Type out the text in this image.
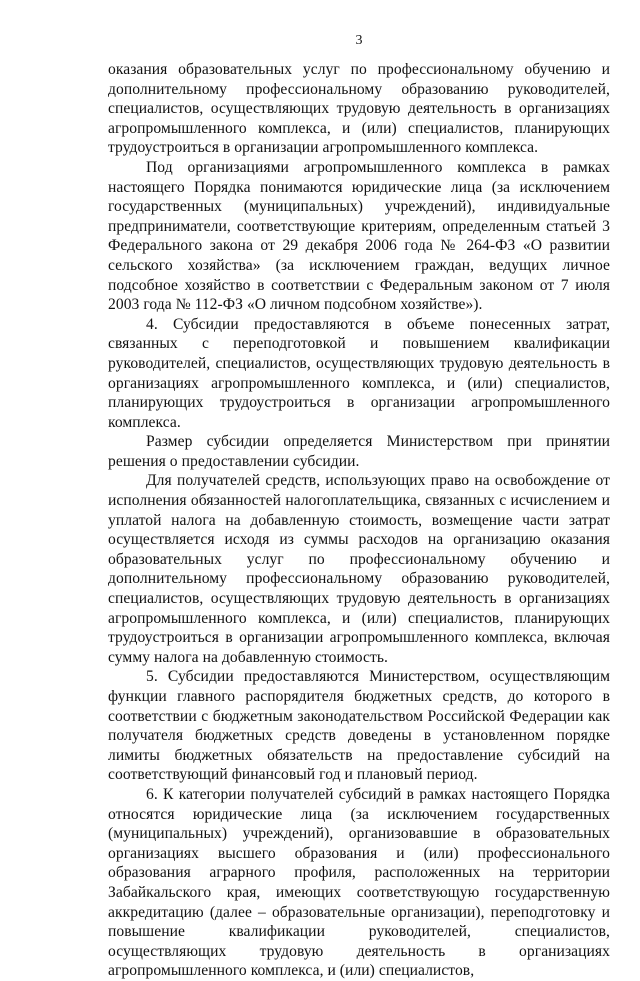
3

оказания образовательных услуг по профессиональному обучению и дополнительному профессиональному образованию руководителей, специалистов, осуществляющих трудовую деятельность в организациях агропромышленного комплекса, и (или) специалистов, планирующих трудоустроиться в организации агропромышленного комплекса.

Под организациями агропромышленного комплекса в рамках настоящего Порядка понимаются юридические лица (за исключением государственных (муниципальных) учреждений), индивидуальные предприниматели, соответствующие критериям, определенным статьей 3 Федерального закона от 29 декабря 2006 года № 264-ФЗ «О развитии сельского хозяйства» (за исключением граждан, ведущих личное подсобное хозяйство в соответствии с Федеральным законом от 7 июля 2003 года № 112-ФЗ «О личном подсобном хозяйстве»).

4. Субсидии предоставляются в объеме понесенных затрат, связанных с переподготовкой и повышением квалификации руководителей, специалистов, осуществляющих трудовую деятельность в организациях агропромышленного комплекса, и (или) специалистов, планирующих трудоустроиться в организации агропромышленного комплекса.

Размер субсидии определяется Министерством при принятии решения о предоставлении субсидии.

Для получателей средств, использующих право на освобождение от исполнения обязанностей налогоплательщика, связанных с исчислением и уплатой налога на добавленную стоимость, возмещение части затрат осуществляется исходя из суммы расходов на организацию оказания образовательных услуг по профессиональному обучению и дополнительному профессиональному образованию руководителей, специалистов, осуществляющих трудовую деятельность в организациях агропромышленного комплекса, и (или) специалистов, планирующих трудоустроиться в организации агропромышленного комплекса, включая сумму налога на добавленную стоимость.

5. Субсидии предоставляются Министерством, осуществляющим функции главного распорядителя бюджетных средств, до которого в соответствии с бюджетным законодательством Российской Федерации как получателя бюджетных средств доведены в установленном порядке лимиты бюджетных обязательств на предоставление субсидий на соответствующий финансовый год и плановый период.

6. К категории получателей субсидий в рамках настоящего Порядка относятся юридические лица (за исключением государственных (муниципальных) учреждений), организовавшие в образовательных организациях высшего образования и (или) профессионального образования аграрного профиля, расположенных на территории Забайкальского края, имеющих соответствующую государственную аккредитацию (далее – образовательные организации), переподготовку и повышение квалификации руководителей, специалистов, осуществляющих трудовую деятельность в организациях агропромышленного комплекса, и (или) специалистов,
